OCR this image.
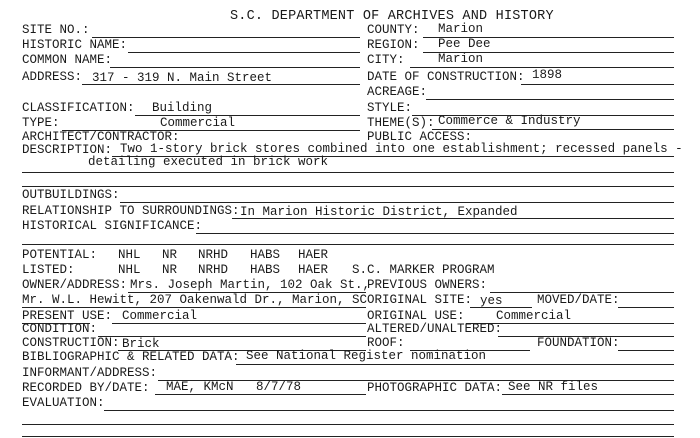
S.C. DEPARTMENT OF ARCHIVES AND HISTORY
SITE NO.:
HISTORIC NAME:
COMMON NAME:
ADDRESS: 317 - 319 N. Main Street
COUNTY: Marion
REGION: Pee Dee
CITY:	Marion
DATE OF CONSTRUCTION: 1898
ACREAGE:
CLASSIFICATION: Building
TYPE:	Commercial
ARCHITECT/CONTRACTOR:
STYLE:
THEME(S): Commerce & Industry
PUBLIC ACCESS:
DESCRIPTION: Two 1-story brick stores combined into one establishment; recessed panels -
detailing executed in brick work
OUTBUILDINGS:
RELATIONSHIP TO SURROUNDINGS: In Marion Historic District, Expanded
HISTORICAL SIGNIFICANCE:
POTENTIAL: NHL NR NRHD HABS HAER
LISTED:	NHL NR NRHD HABS HAER S.C. MARKER PROGRAM
OWNER/ADDRESS: Mrs. Joseph Martin, 102 Oak St.,
Mr. W.L. Hewitt, 207 Oakenwald Dr., Marion, SC
PREVIOUS OWNERS:
ORIGINAL SITE: yes	MOVED/DATE:
PRESENT USE: Commercial	ORIGINAL USE:	Commercial
CONDITION:	ALTERED/UNALTERED:
CONSTRUCTION: Brick	ROOF:	FOUNDATION:
BIBLIOGRAPHIC & RELATED DATA: See National Register nomination
INFORMANT/ADDRESS:
RECORDED BY/DATE: MAE, KMcN 8/7/78	PHOTOGRAPHIC DATA: See NR files
EVALUATION:
